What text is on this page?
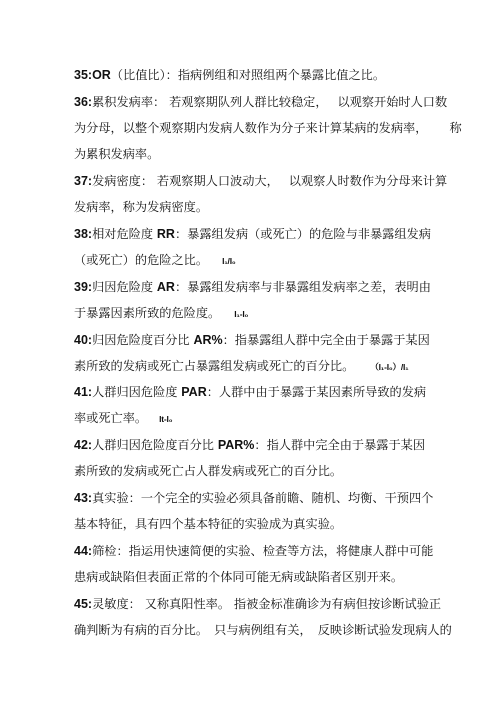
35:OR（比值比）：指病例组和对照组两个暴露比值之比。
36:累积发病率： 若观察期队列人群比较稳定，　 以观察开始时人口数
为分母，以整个观察期内发病人数作为分子来计算某病的发病率， 称
为累积发病率。
37:发病密度： 若观察期人口波动大，　 以观察人时数作为分母来计算
发病率，称为发病密度。
38:相对危险度 RR：暴露组发病（或死亡）的危险与非暴露组发病
（或死亡）的危险之比。 I₁/I₀
39:归因危险度 AR：暴露组发病率与非暴露组发病率之差，表明由
于暴露因素所致的危险度。 I₁-I₀
40:归因危险度百分比 AR%：指暴露组人群中完全由于暴露于某因
素所致的发病或死亡占暴露组发病或死亡的百分比。 （I₁-I₀）/I₁
41:人群归因危险度 PAR：人群中由于暴露于某因素所导致的发病
率或死亡率。 It-I₀
42:人群归因危险度百分比 PAR%：指人群中完全由于暴露于某因
素所致的发病或死亡占人群发病或死亡的百分比。
43:真实验：一个完全的实验必须具备前瞻、随机、均衡、干预四个
基本特征，具有四个基本特征的实验成为真实验。
44:筛检：指运用快速简便的实验、检查等方法，将健康人群中可能
患病或缺陷但表面正常的个体同可能无病或缺陷者区别开来。
45:灵敏度： 又称真阳性率。 指被金标准确诊为有病但按诊断试验正
确判断为有病的百分比。　只与病例组有关，　反映诊断试验发现病人的
